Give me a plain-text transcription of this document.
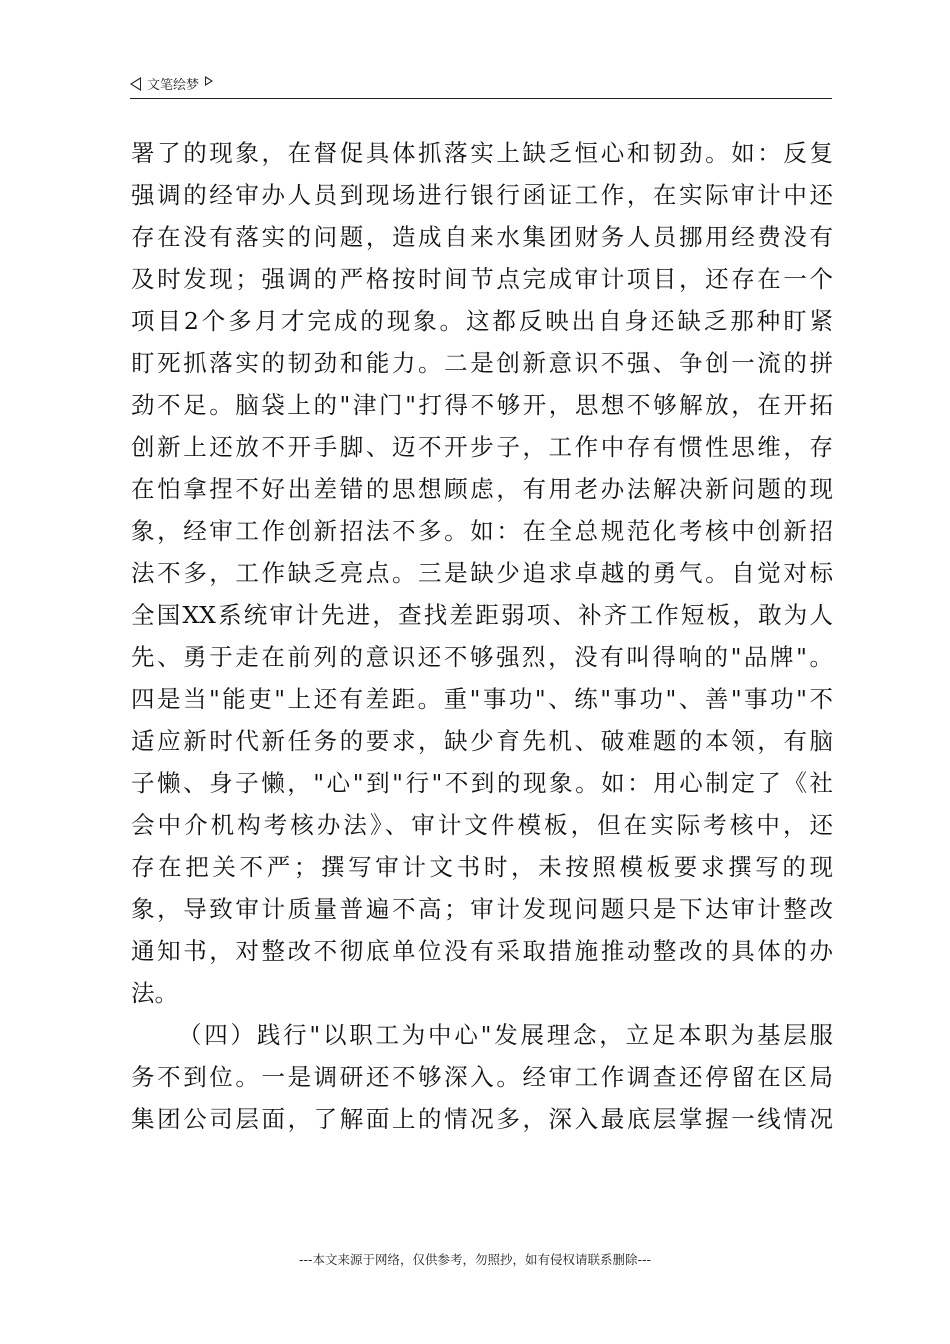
文笔绘梦
署了的现象，在督促具体抓落实上缺乏恒心和韧劲。如：反复
强调的经审办人员到现场进行银行函证工作，在实际审计中还
存在没有落实的问题，造成自来水集团财务人员挪用经费没有
及时发现；强调的严格按时间节点完成审计项目，还存在一个
项目2个多月才完成的现象。这都反映出自身还缺乏那种盯紧
盯死抓落实的韧劲和能力。二是创新意识不强、争创一流的拼
劲不足。脑袋上的"津门"打得不够开，思想不够解放，在开拓
创新上还放不开手脚、迈不开步子，工作中存有惯性思维，存
在怕拿捏不好出差错的思想顾虑，有用老办法解决新问题的现
象，经审工作创新招法不多。如：在全总规范化考核中创新招
法不多，工作缺乏亮点。三是缺少追求卓越的勇气。自觉对标
全国XX系统审计先进，查找差距弱项、补齐工作短板，敢为人
先、勇于走在前列的意识还不够强烈，没有叫得响的"品牌"。
四是当"能吏"上还有差距。重"事功"、练"事功"、善"事功"不
适应新时代新任务的要求，缺少育先机、破难题的本领，有脑
子懒、身子懒，"心"到"行"不到的现象。如：用心制定了《社
会中介机构考核办法》、审计文件模板，但在实际考核中，还
存在把关不严；撰写审计文书时，未按照模板要求撰写的现
象，导致审计质量普遍不高；审计发现问题只是下达审计整改
通知书，对整改不彻底单位没有采取措施推动整改的具体的办
法。
（四）践行"以职工为中心"发展理念，立足本职为基层服
务不到位。一是调研还不够深入。经审工作调查还停留在区局
集团公司层面，了解面上的情况多，深入最底层掌握一线情况
---本文来源于网络，仅供参考，勿照抄，如有侵权请联系删除---
